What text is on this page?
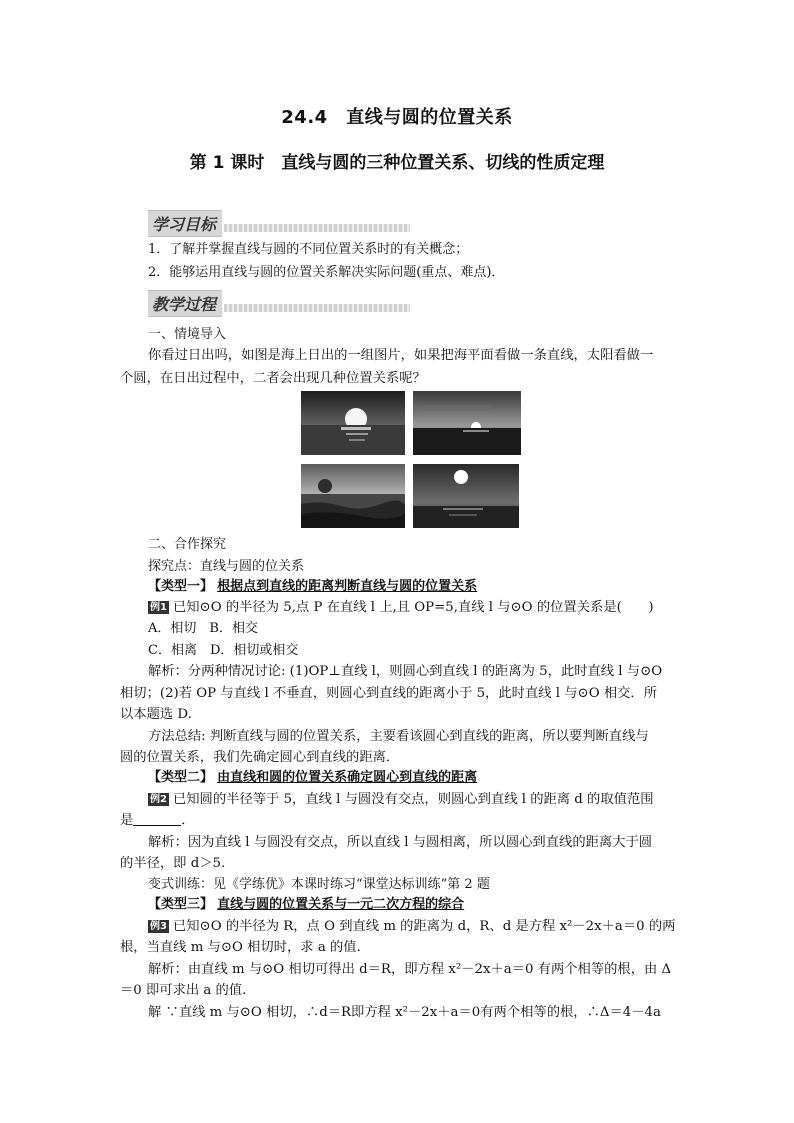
24.4　直线与圆的位置关系
第 1 课时　直线与圆的三种位置关系、切线的性质定理
学习目标
1．了解并掌握直线与圆的不同位置关系时的有关概念；
2．能够运用直线与圆的位置关系解决实际问题(重点、难点)．
教学过程
一、情境导入
你看过日出吗，如图是海上日出的一组图片，如果把海平面看做一条直线，太阳看做一
个圆，在日出过程中，二者会出现几种位置关系呢？
二、合作探究
探究点：直线与圆的位关系
【类型一】 根据点到直线的距离判断直线与圆的位置关系
例1 已知⊙O 的半径为 5,点 P 在直线 l 上,且 OP=5,直线 l 与⊙O 的位置关系是(　　)
A．相切　B．相交
C．相离　D．相切或相交
解析：分两种情况讨论: (1)OP⊥直线 l，则圆心到直线 l 的距离为 5，此时直线 l 与⊙O
相切；(2)若 OP 与直线 l 不垂直，则圆心到直线的距离小于 5，此时直线 l 与⊙O 相交．所
以本题选 D.
方法总结: 判断直线与圆的位置关系，主要看该圆心到直线的距离，所以要判断直线与
圆的位置关系，我们先确定圆心到直线的距离．
【类型二】 由直线和圆的位置关系确定圆心到直线的距离
例2 已知圆的半径等于 5，直线 l 与圆没有交点，则圆心到直线 l 的距离 d 的取值范围
是	．
解析：因为直线 l 与圆没有交点，所以直线 l 与圆相离，所以圆心到直线的距离大于圆
的半径，即 d＞5.
变式训练：见《学练优》本课时练习“课堂达标训练”第 2 题
【类型三】 直线与圆的位置关系与一元二次方程的综合
例3 已知⊙O 的半径为 R，点 O 到直线 m 的距离为 d，R、d 是方程 x²－2x＋a＝0 的两
根，当直线 m 与⊙O 相切时，求 a 的值．
解析：由直线 m 与⊙O 相切可得出 d＝R，即方程 x²－2x＋a＝0 有两个相等的根，由 Δ
＝0 即可求出 a 的值.
解 ∵直线 m 与⊙O 相切，∴d＝R即方程 x²－2x＋a＝0有两个相等的根，∴Δ＝4－4a
